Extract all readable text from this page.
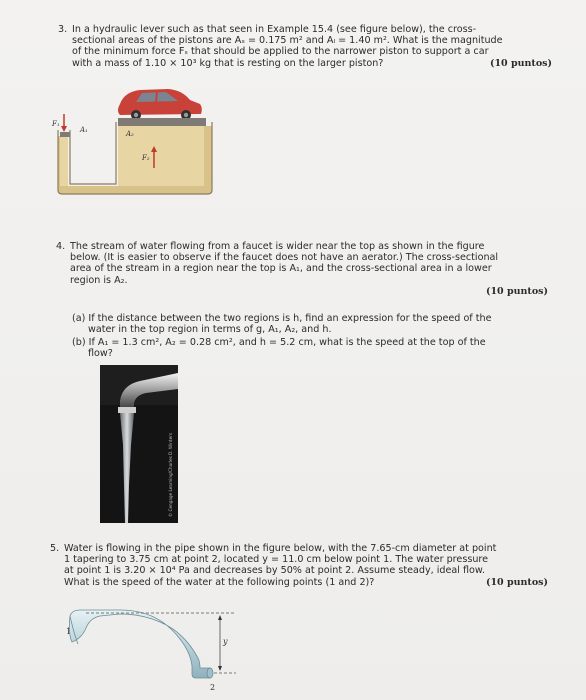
3. In a hydraulic lever such as that seen in Example 15.4 (see figure below), the cross-
sectional areas of the pistons are Aₛ = 0.175 m² and Aₗ = 1.40 m². What is the magnitude
of the minimum force Fₛ that should be applied to the narrower piston to support a car
with a mass of 1.10 × 10³ kg that is resting on the larger piston?	(10 puntos)
F₁
A₁	A₂
F₂
4. The stream of water flowing from a faucet is wider near the top as shown in the figure
below. (It is easier to observe if the faucet does not have an aerator.) The cross-sectional
area of the stream in a region near the top is A₁, and the cross-sectional area in a lower
region is A₂.
(10 puntos)
(a) If the distance between the two regions is h, find an expression for the speed of the
water in the top region in terms of g, A₁, A₂, and h.
(b) If A₁ = 1.3 cm², A₂ = 0.28 cm², and h = 5.2 cm, what is the speed at the top of the
flow?
© Cengage Learning/Charles D. Winters
5. Water is flowing in the pipe shown in the figure below, with the 7.65-cm diameter at point
1 tapering to 3.75 cm at point 2, located y = 11.0 cm below point 1. The water pressure
at point 1 is 3.20 × 10⁴ Pa and decreases by 50% at point 2. Assume steady, ideal flow.
What is the speed of the water at the following points (1 and 2)?	(10 puntos)
1
y
2
